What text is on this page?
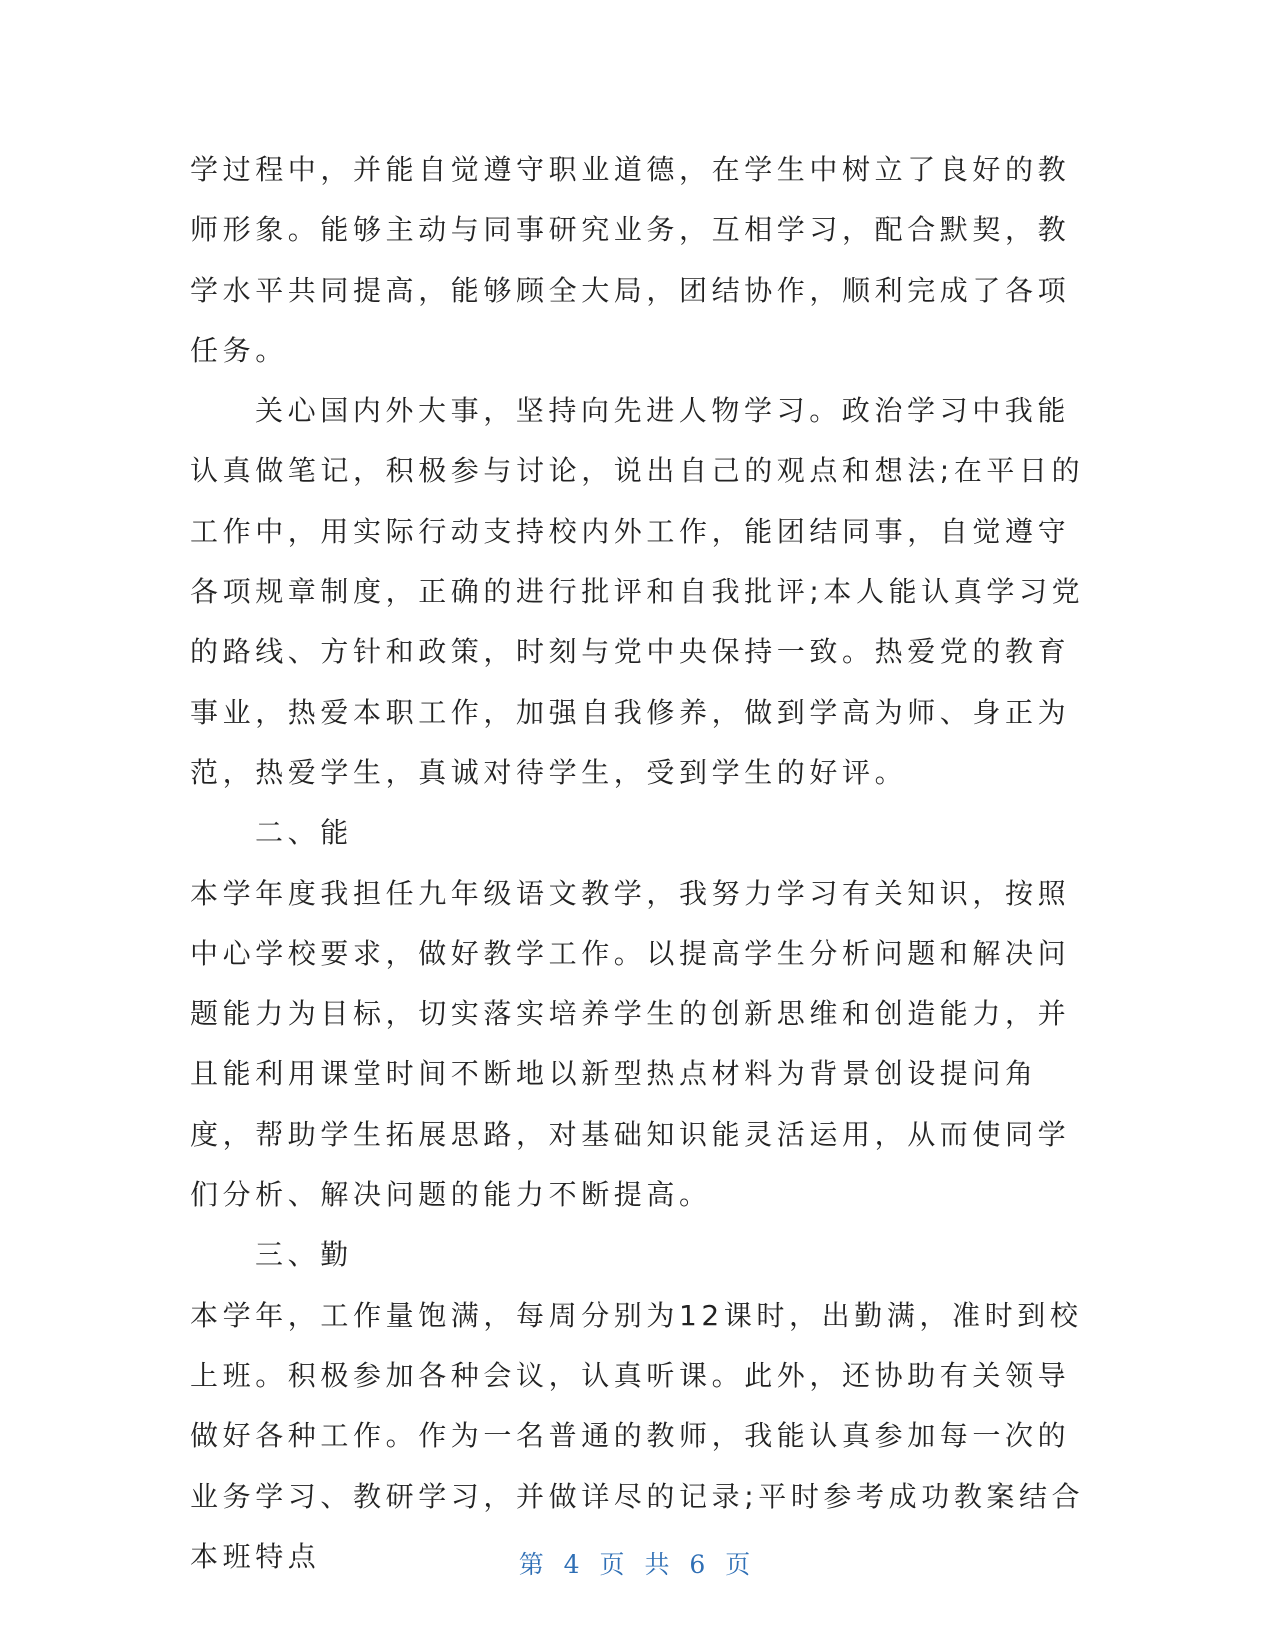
学过程中，并能自觉遵守职业道德，在学生中树立了良好的教师形象。能够主动与同事研究业务，互相学习，配合默契，教学水平共同提高，能够顾全大局，团结协作，顺利完成了各项任务。

关心国内外大事，坚持向先进人物学习。政治学习中我能认真做笔记，积极参与讨论，说出自己的观点和想法;在平日的工作中，用实际行动支持校内外工作，能团结同事，自觉遵守各项规章制度，正确的进行批评和自我批评;本人能认真学习党的路线、方针和政策，时刻与党中央保持一致。热爱党的教育事业，热爱本职工作，加强自我修养，做到学高为师、身正为范，热爱学生，真诚对待学生，受到学生的好评。

二、能

本学年度我担任九年级语文教学，我努力学习有关知识，按照中心学校要求，做好教学工作。以提高学生分析问题和解决问题能力为目标，切实落实培养学生的创新思维和创造能力，并且能利用课堂时间不断地以新型热点材料为背景创设提问角度，帮助学生拓展思路，对基础知识能灵活运用，从而使同学们分析、解决问题的能力不断提高。

三、勤

本学年，工作量饱满，每周分别为12课时，出勤满，准时到校上班。积极参加各种会议，认真听课。此外，还协助有关领导做好各种工作。作为一名普通的教师，我能认真参加每一次的业务学习、教研学习，并做详尽的记录;平时参考成功教案结合本班特点	第 4 页 共 6 页
